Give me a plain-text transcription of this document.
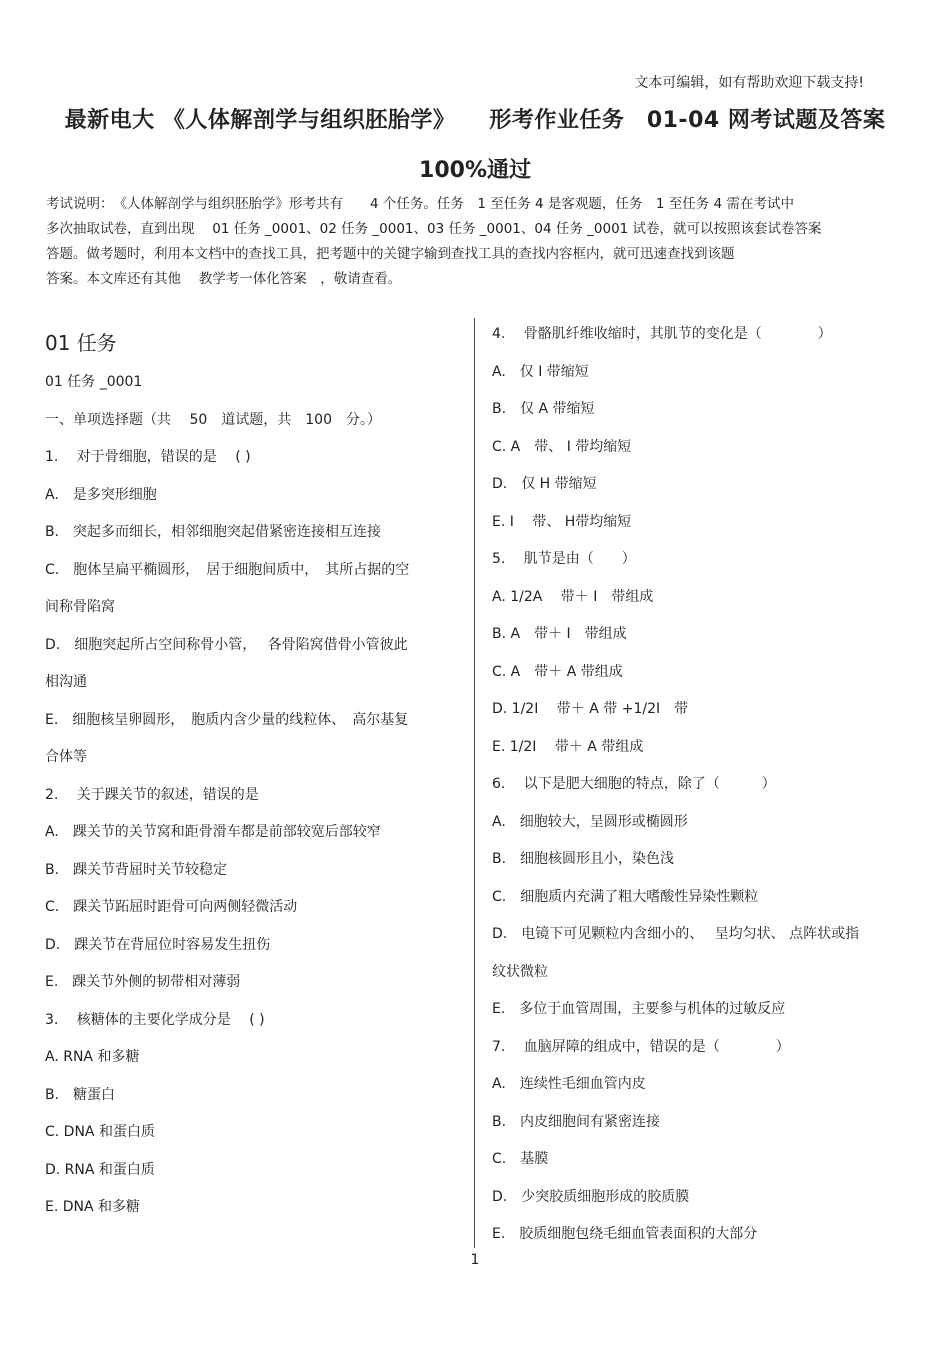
文本可编辑，如有帮助欢迎下载支持!
最新电大 《人体解剖学与组织胚胎学》　　形考作业任务　01-04 网考试题及答案
100%通过

考试说明：　《人体解剖学与组织胚胎学》形考共有　　4 个任务。任务　1 至任务 4 是客观题，任务　1 至任务 4 需在考试中

多次抽取试卷，直到出现　 01 任务 _0001、02 任务 _0001、03 任务 _0001、04 任务 _0001 试卷，就可以按照该套试卷答案

答题。做考题时，利用本文档中的查找工具，把考题中的关键字输到查找工具的查找内容框内，就可迅速查找到该题

答案。本文库还有其他　 教学考一体化答案　，敬请查看。

01 任务
01 任务 _0001
一、单项选择题（共　 50　道试题，共　100　分。）
1.　 对于骨细胞，错误的是　 ( )
A.　是多突形细胞
B.　突起多而细长，相邻细胞突起借紧密连接相互连接
C.　胞体呈扁平椭圆形，　居于细胞间质中，　其所占据的空
间称骨陷窝
D.　细胞突起所占空间称骨小管，　 各骨陷窝借骨小管彼此
相沟通
E.　细胞核呈卵圆形，　胞质内含少量的线粒体、　高尔基复
合体等
2.　 关于踝关节的叙述，错误的是
A.　踝关节的关节窝和距骨滑车都是前部较宽后部较窄
B.　踝关节背屈时关节较稳定
C.　踝关节跖屈时距骨可向两侧轻微活动
D.　踝关节在背屈位时容易发生扭伤
E.　踝关节外侧的韧带相对薄弱
3.　 核糖体的主要化学成分是　 ( )
A. RNA 和多糖
B.　糖蛋白
C. DNA 和蛋白质
D. RNA 和蛋白质
E. DNA 和多糖
4.　 骨骼肌纤维收缩时，其肌节的变化是（　　　　）
A.　仅 I 带缩短
B.　仅 A 带缩短
C. A　带、 I 带均缩短
D.　仅 H 带缩短
E. I　 带、 H带均缩短
5.　 肌节是由（　　）
A. 1/2A　 带＋ I　带组成
B. A　带＋ I　带组成
C. A　带＋ A 带组成
D. 1/2I　 带＋ A 带 +1/2I　带
E. 1/2I　 带＋ A 带组成
6.　 以下是肥大细胞的特点，除了（　　　）
A.　细胞较大，呈圆形或椭圆形
B.　细胞核圆形且小，染色浅
C.　细胞质内充满了粗大嗜酸性异染性颗粒
D.　电镜下可见颗粒内含细小的、　 呈均匀状、 点阵状或指
纹状微粒
E.　多位于血管周围，主要参与机体的过敏反应
7.　 血脑屏障的组成中，错误的是（　　　　）
A.　连续性毛细血管内皮
B.　内皮细胞间有紧密连接
C.　基膜
D.　少突胶质细胞形成的胶质膜
E.　胶质细胞包绕毛细血管表面积的大部分
1
